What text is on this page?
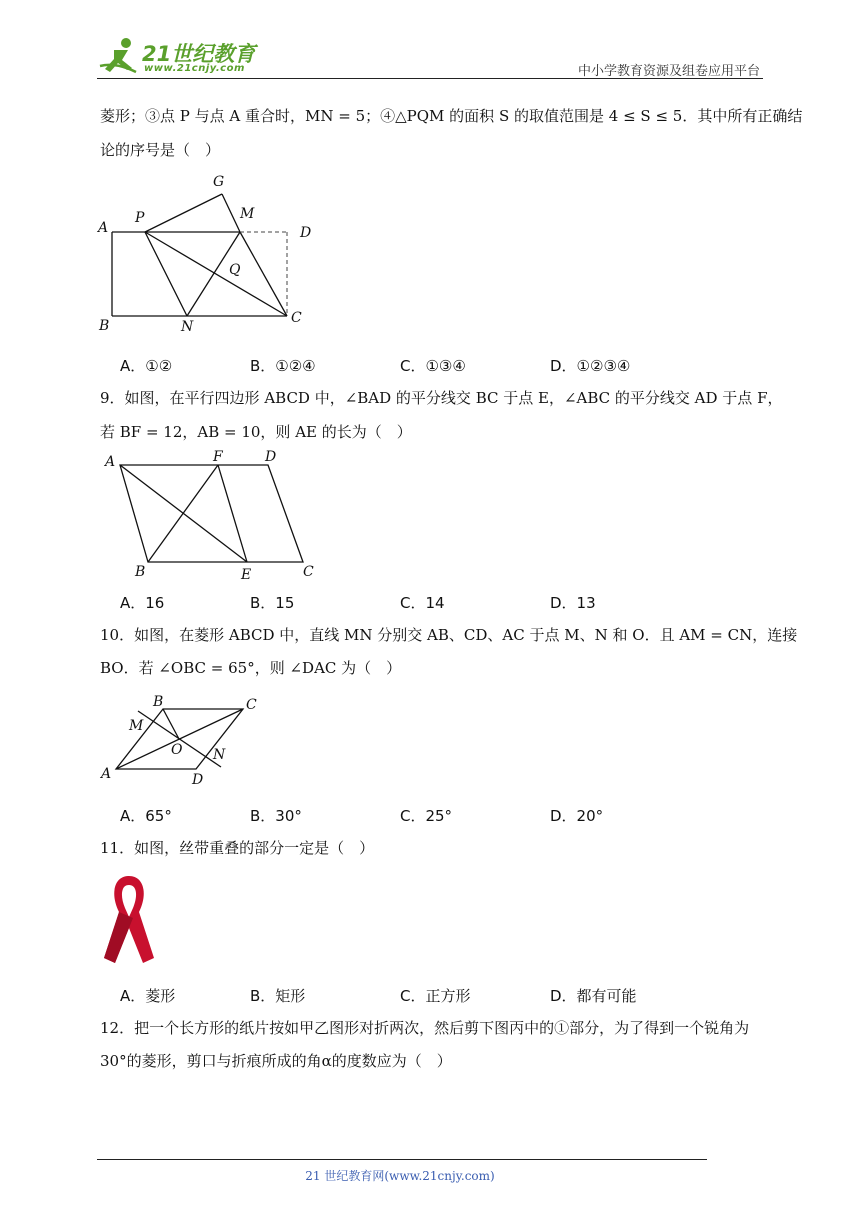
21世纪教育
www.21cnjy.com	中小学教育资源及组卷应用平台
菱形；③点 P 与点 A 重合时，MN = 5；④△PQM 的面积 S 的取值范围是 4 ≤ S ≤ 5．其中所有正确结
论的序号是（　）
G
M
A
P
D
Q
B	N
C
A．①②	B．①②④	C．①③④	D．①②③④
9．如图，在平行四边形 ABCD 中，∠BAD 的平分线交 BC 于点 E，∠ABC 的平分线交 AD 于点 F，
若 BF = 12，AB = 10，则 AE 的长为（　）
A	F	D
B	E	C
A．16	B．15	C．14	D．13
10．如图，在菱形 ABCD 中，直线 MN 分别交 AB、CD、AC 于点 M、N 和 O．且 AM = CN，连接
BO．若 ∠OBC = 65°，则 ∠DAC 为（　）
B	C
M
O N
A	D
A．65°	B．30°	C．25°	D．20°
11．如图，丝带重叠的部分一定是（　）
A．菱形	B．矩形	C．正方形	D．都有可能
12．把一个长方形的纸片按如甲乙图形对折两次，然后剪下图丙中的①部分，为了得到一个锐角为
30°的菱形，剪口与折痕所成的角α的度数应为（　）
21 世纪教育网(www.21cnjy.com)
